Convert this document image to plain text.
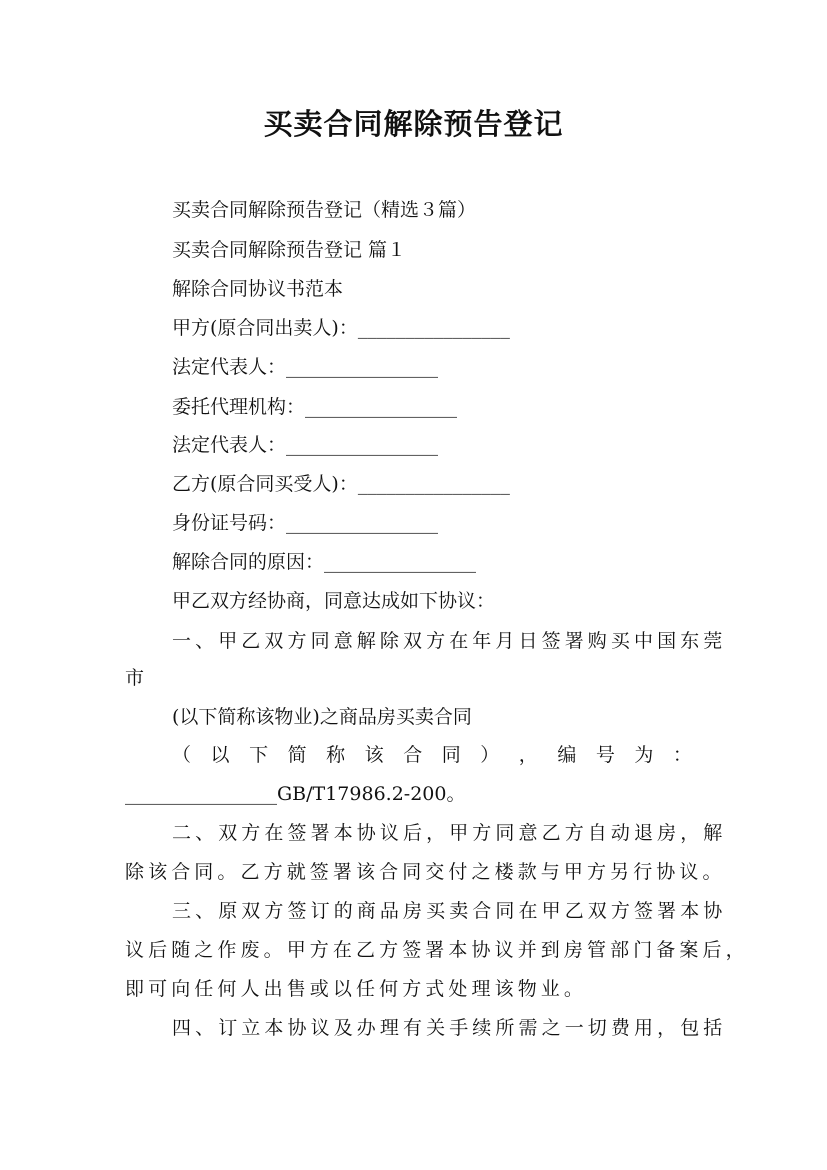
买卖合同解除预告登记
买卖合同解除预告登记（精选３篇）
买卖合同解除预告登记 篇１
解除合同协议书范本
甲方(原合同出卖人)：________________
法定代表人：________________
委托代理机构：________________
法定代表人：________________
乙方(原合同买受人)：________________
身份证号码：________________
解除合同的原因：________________
甲乙双方经协商，同意达成如下协议：
一、甲乙双方同意解除双方在年月日签署购买中国东莞
市
(以下简称该物业)之商品房买卖合同
（ 以 下 简 称 该 合 同 ） ， 编 号 为 ：
________________GB/T17986.2-200。
二、双方在签署本协议后，甲方同意乙方自动退房，解
除该合同。乙方就签署该合同交付之楼款与甲方另行协议。
三、原双方签订的商品房买卖合同在甲乙双方签署本协
议后随之作废。甲方在乙方签署本协议并到房管部门备案后，
即可向任何人出售或以任何方式处理该物业。
四、订立本协议及办理有关手续所需之一切费用，包括
